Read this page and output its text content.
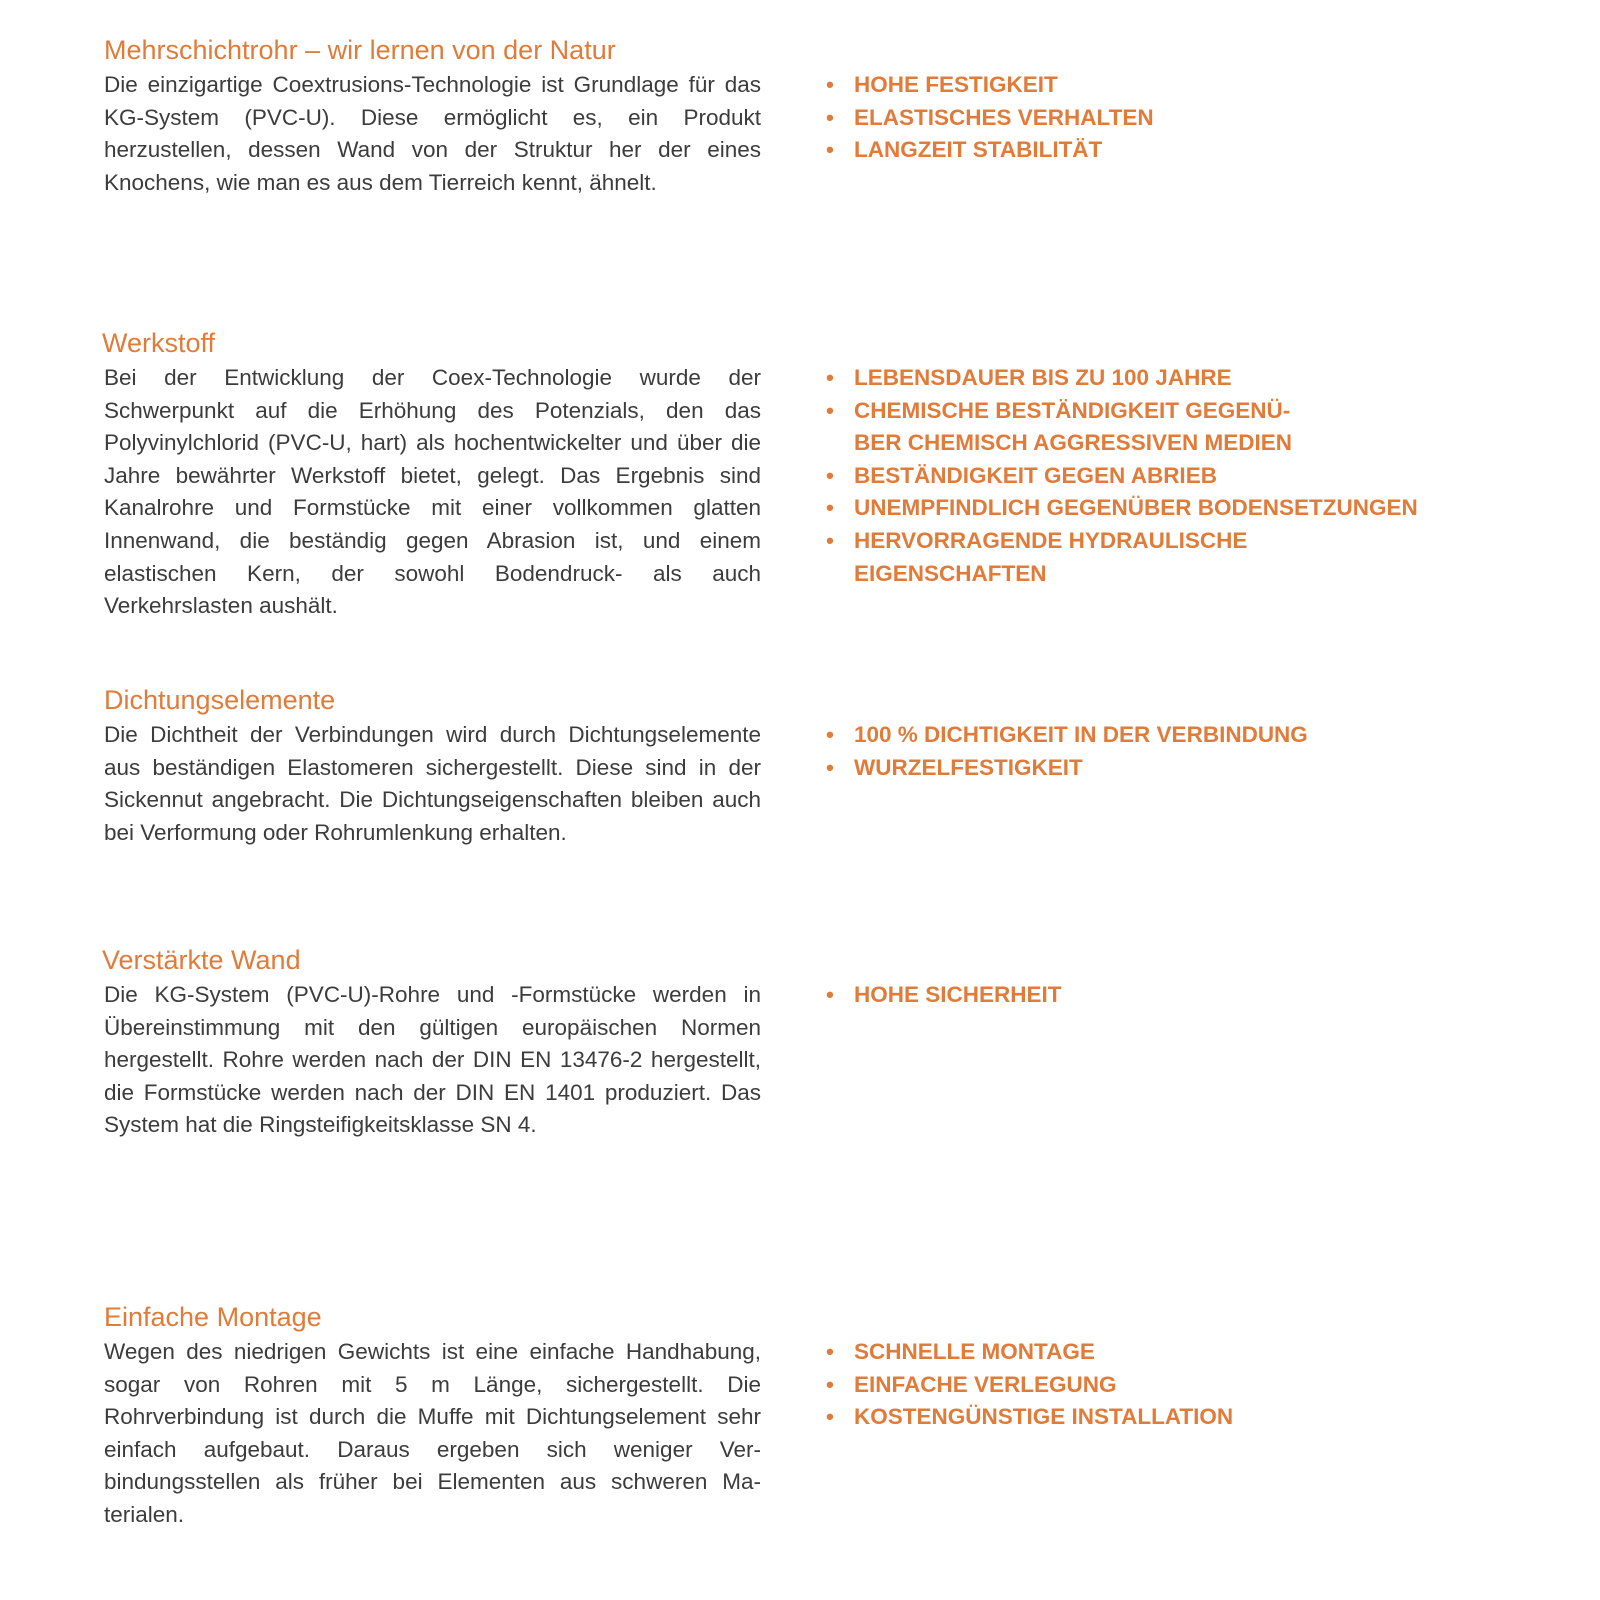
Mehrschichtrohr – wir lernen von der Natur

Die einzigartige Coextrusions-Technologie ist Grundlage für das KG-System (PVC-U). Diese ermöglicht es, ein Produkt herzustellen, dessen Wand von der Struktur her der eines Knochens, wie man es aus dem Tierreich kennt, ähnelt.

• HOHE FESTIGKEIT
• ELASTISCHES VERHALTEN
• LANGZEIT STABILITÄT
Werkstoff

Bei der Entwicklung der Coex-Technologie wurde der Schwerpunkt auf die Erhöhung des Potenzials, den das Polyvinylchlorid (PVC-U, hart) als hochentwickelter und über die Jahre bewährter Werkstoff bietet, gelegt. Das Ergebnis sind Kanalrohre und Formstücke mit einer vollkommen glatten Innenwand, die beständig gegen Abrasion ist, und einem elastischen Kern, der sowohl Bodendruck- als auch Verkehrslasten aushält.

• LEBENSDAUER BIS ZU 100 JAHRE
• CHEMISCHE BESTÄNDIGKEIT GEGENÜ-
BER CHEMISCH AGGRESSIVEN MEDIEN
• BESTÄNDIGKEIT GEGEN ABRIEB
• UNEMPFINDLICH GEGENÜBER BODENSETZUNGEN
• HERVORRAGENDE HYDRAULISCHE
EIGENSCHAFTEN
Dichtungselemente

Die Dichtheit der Verbindungen wird durch Dichtungselemente aus beständigen Elastomeren sichergestellt. Diese sind in der Sickennut angebracht. Die Dichtungseigenschaften bleiben auch bei Verformung oder Rohrumlenkung erhalten.

• 100 % DICHTIGKEIT IN DER VERBINDUNG
• WURZELFESTIGKEIT
Verstärkte Wand

Die KG-System (PVC-U)-Rohre und -Formstücke werden in Übereinstimmung mit den gültigen europäischen Normen hergestellt. Rohre werden nach der DIN EN 13476-2 hergestellt, die Formstücke werden nach der DIN EN 1401 produziert. Das System hat die Ringsteifigkeitsklasse SN 4.

• HOHE SICHERHEIT
Einfache Montage

Wegen des niedrigen Gewichts ist eine einfache Handhabung, sogar von Rohren mit 5 m Länge, sichergestellt. Die Rohrverbindung ist durch die Muffe mit Dichtungselement sehr einfach aufgebaut. Daraus ergeben sich weniger Verbindungsstellen als früher bei Elementen aus schweren Materialen.

• SCHNELLE MONTAGE
• EINFACHE VERLEGUNG
• KOSTENGÜNSTIGE INSTALLATION
